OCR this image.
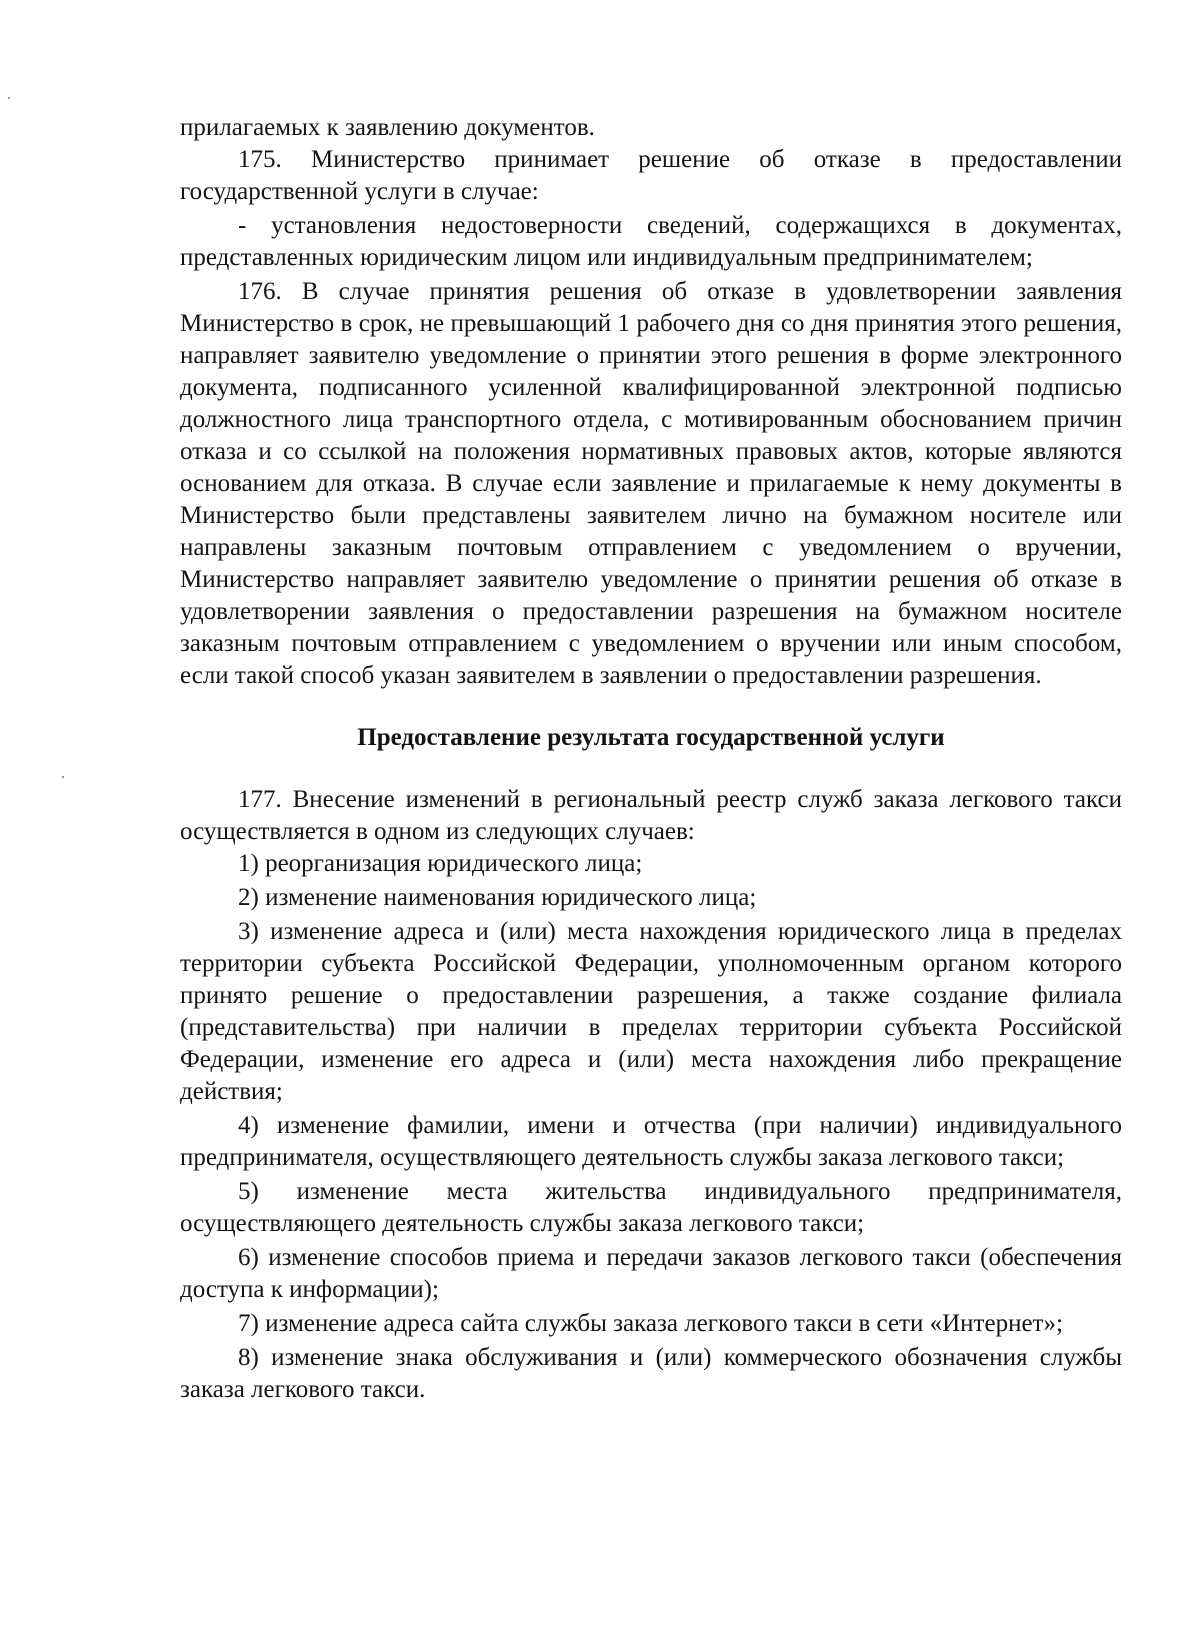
прилагаемых к заявлению документов.

175. Министерство принимает решение об отказе в предоставлении государственной услуги в случае:

- установления недостоверности сведений, содержащихся в документах, представленных юридическим лицом или индивидуальным предпринимателем;

176. В случае принятия решения об отказе в удовлетворении заявления Министерство в срок, не превышающий 1 рабочего дня со дня принятия этого решения, направляет заявителю уведомление о принятии этого решения в форме электронного документа, подписанного усиленной квалифицированной электронной подписью должностного лица транспортного отдела, с мотивированным обоснованием причин отказа и со ссылкой на положения нормативных правовых актов, которые являются основанием для отказа. В случае если заявление и прилагаемые к нему документы в Министерство были представлены заявителем лично на бумажном носителе или направлены заказным почтовым отправлением с уведомлением о вручении, Министерство направляет заявителю уведомление о принятии решения об отказе в удовлетворении заявления о предоставлении разрешения на бумажном носителе заказным почтовым отправлением с уведомлением о вручении или иным способом, если такой способ указан заявителем в заявлении о предоставлении разрешения.

Предоставление результата государственной услуги

177. Внесение изменений в региональный реестр служб заказа легкового такси осуществляется в одном из следующих случаев:

1) реорганизация юридического лица;

2) изменение наименования юридического лица;

3) изменение адреса и (или) места нахождения юридического лица в пределах территории субъекта Российской Федерации, уполномоченным органом которого принято решение о предоставлении разрешения, а также создание филиала (представительства) при наличии в пределах территории субъекта Российской Федерации, изменение его адреса и (или) места нахождения либо прекращение действия;

4) изменение фамилии, имени и отчества (при наличии) индивидуального предпринимателя, осуществляющего деятельность службы заказа легкового такси;

5) изменение места жительства индивидуального предпринимателя, осуществляющего деятельность службы заказа легкового такси;

6) изменение способов приема и передачи заказов легкового такси (обеспечения доступа к информации);

7) изменение адреса сайта службы заказа легкового такси в сети «Интернет»;

8) изменение знака обслуживания и (или) коммерческого обозначения службы заказа легкового такси.
